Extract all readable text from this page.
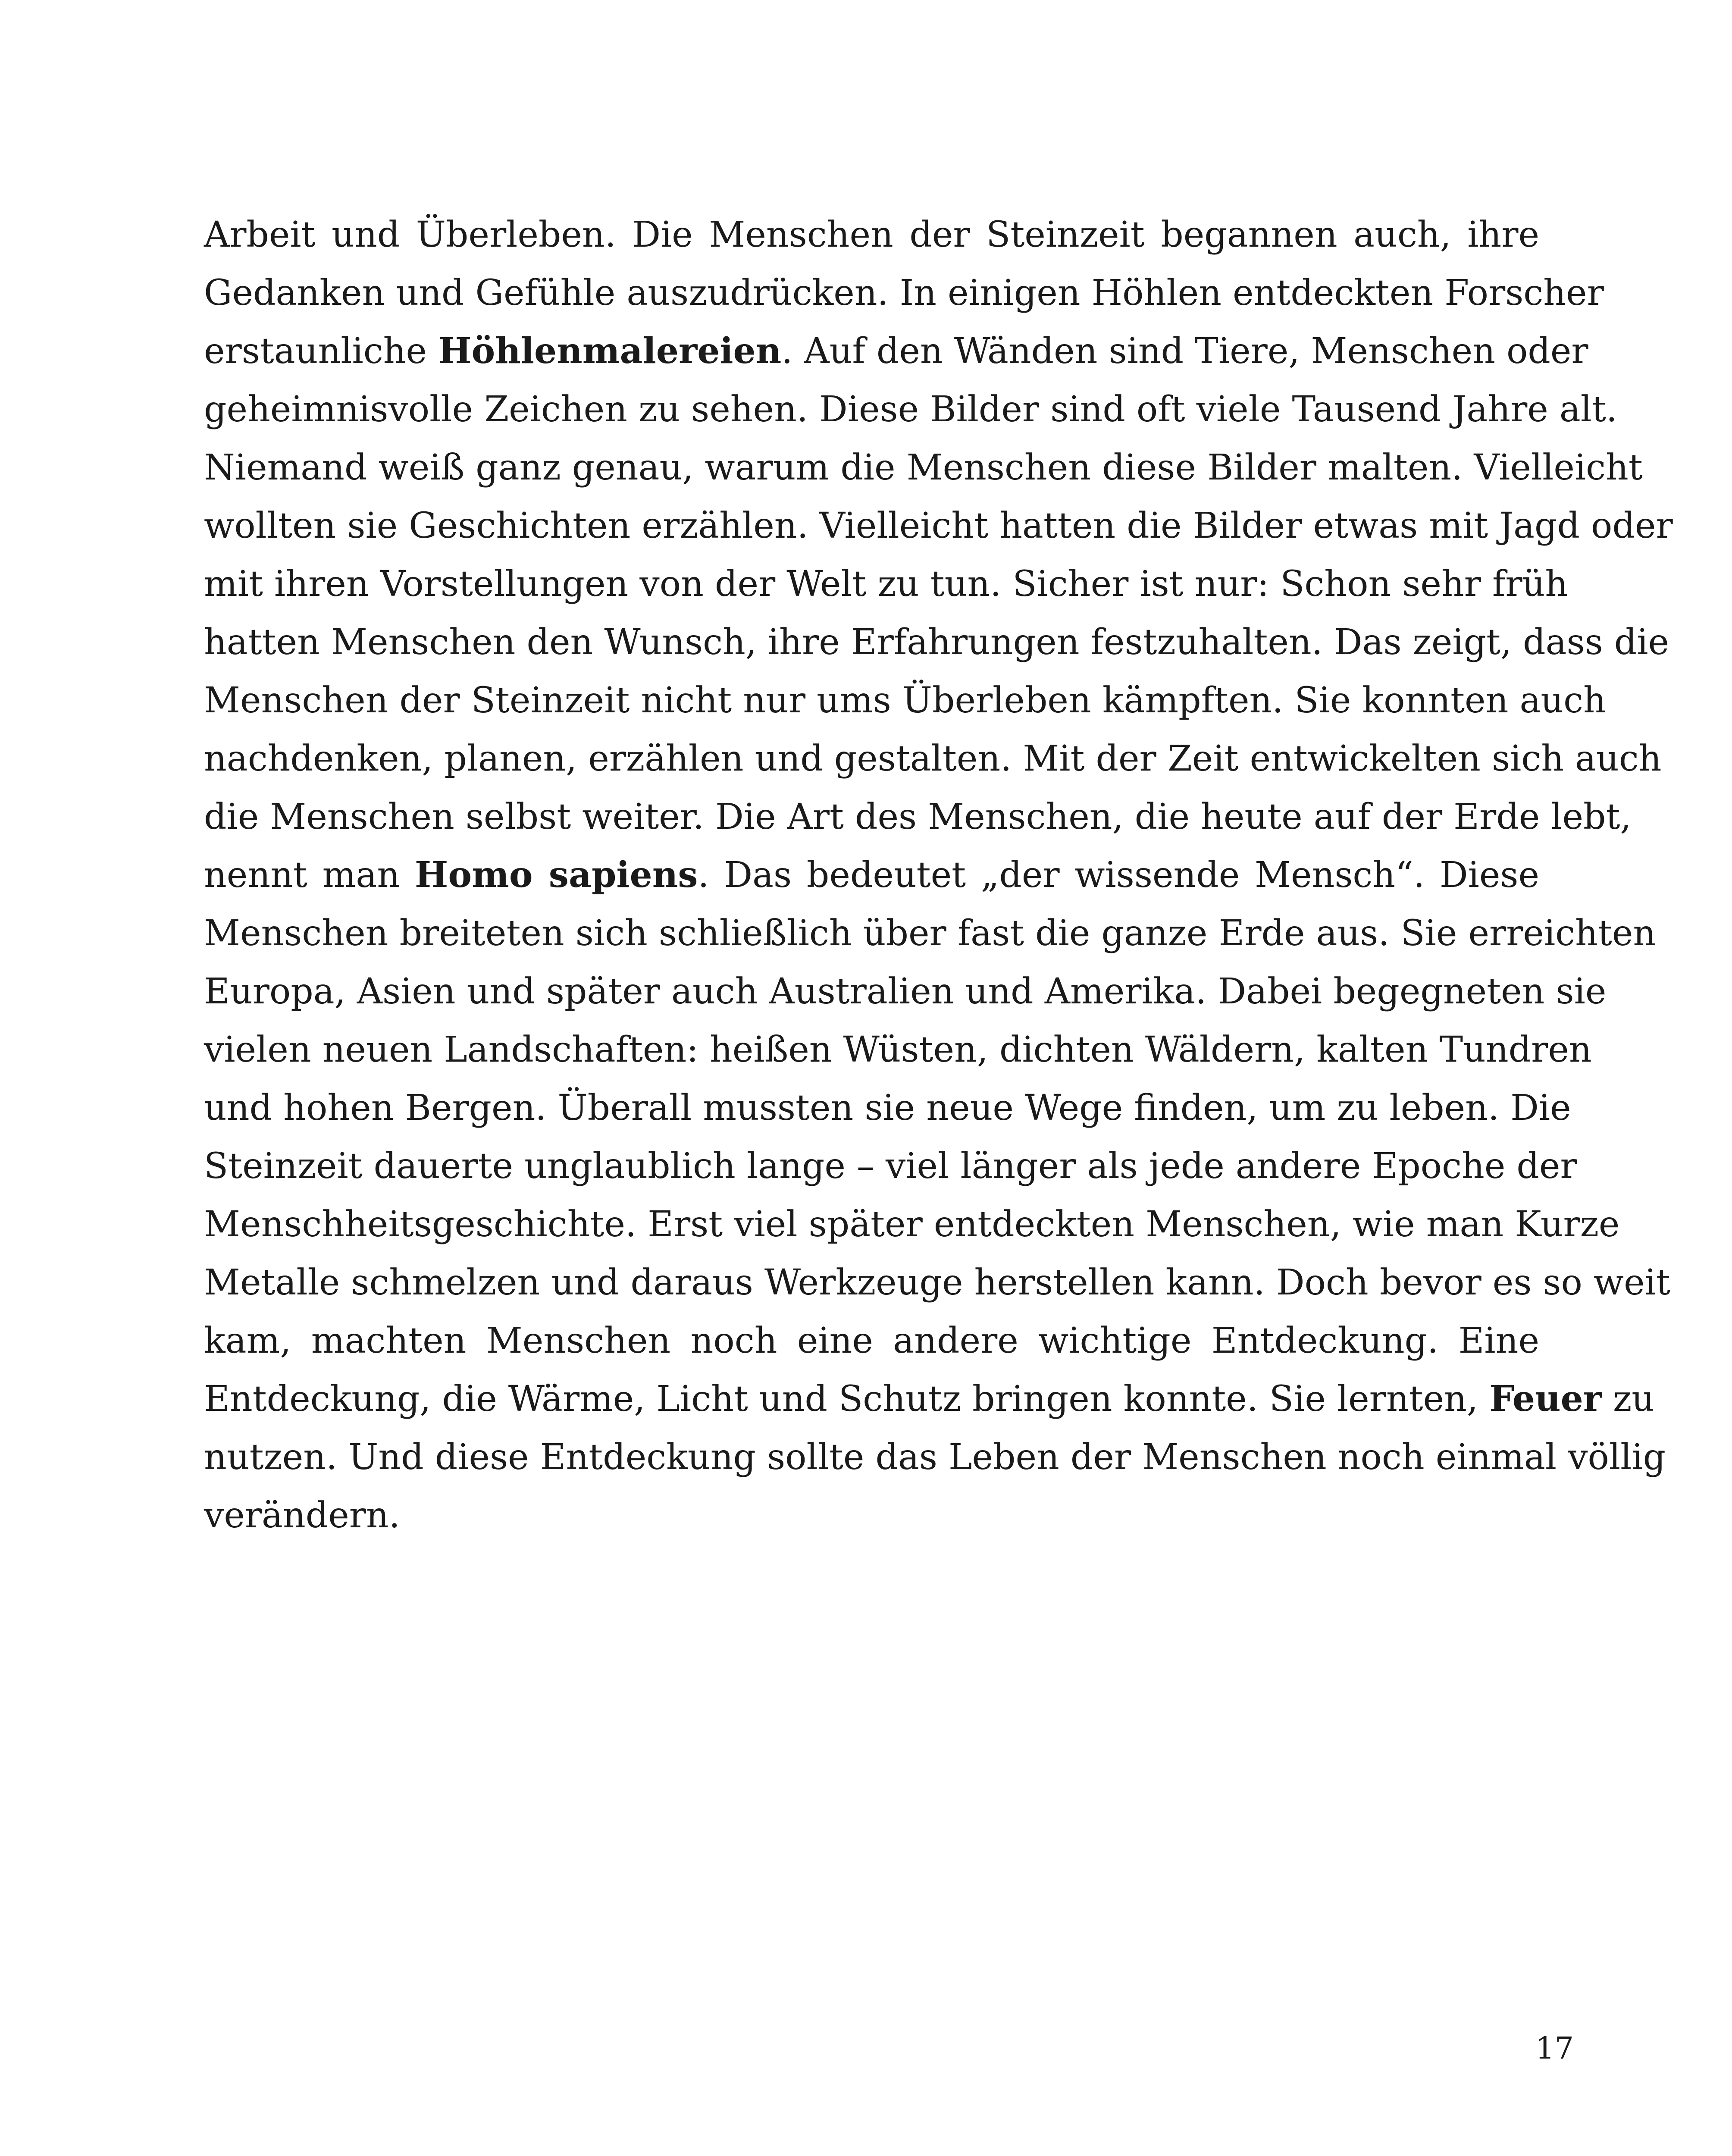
Arbeit und Überleben. Die Menschen der Steinzeit begannen auch, ihre
Gedanken und Gefühle auszudrücken. In einigen Höhlen entdeckten Forscher
erstaunliche Höhlenmalereien. Auf den Wänden sind Tiere, Menschen oder
geheimnisvolle Zeichen zu sehen. Diese Bilder sind oft viele Tausend Jahre alt.
Niemand weiß ganz genau, warum die Menschen diese Bilder malten. Vielleicht
wollten sie Geschichten erzählen. Vielleicht hatten die Bilder etwas mit Jagd oder
mit ihren Vorstellungen von der Welt zu tun. Sicher ist nur: Schon sehr früh
hatten Menschen den Wunsch, ihre Erfahrungen festzuhalten. Das zeigt, dass die
Menschen der Steinzeit nicht nur ums Überleben kämpften. Sie konnten auch
nachdenken, planen, erzählen und gestalten. Mit der Zeit entwickelten sich auch
die Menschen selbst weiter. Die Art des Menschen, die heute auf der Erde lebt,
nennt man Homo sapiens. Das bedeutet „der wissende Mensch“. Diese
Menschen breiteten sich schließlich über fast die ganze Erde aus. Sie erreichten
Europa, Asien und später auch Australien und Amerika. Dabei begegneten sie
vielen neuen Landschaften: heißen Wüsten, dichten Wäldern, kalten Tundren
und hohen Bergen. Überall mussten sie neue Wege finden, um zu leben. Die
Steinzeit dauerte unglaublich lange – viel länger als jede andere Epoche der
Menschheitsgeschichte. Erst viel später entdeckten Menschen, wie man Kurze
Metalle schmelzen und daraus Werkzeuge herstellen kann. Doch bevor es so weit
kam, machten Menschen noch eine andere wichtige Entdeckung. Eine
Entdeckung, die Wärme, Licht und Schutz bringen konnte. Sie lernten, Feuer zu
nutzen. Und diese Entdeckung sollte das Leben der Menschen noch einmal völlig
verändern.
17
